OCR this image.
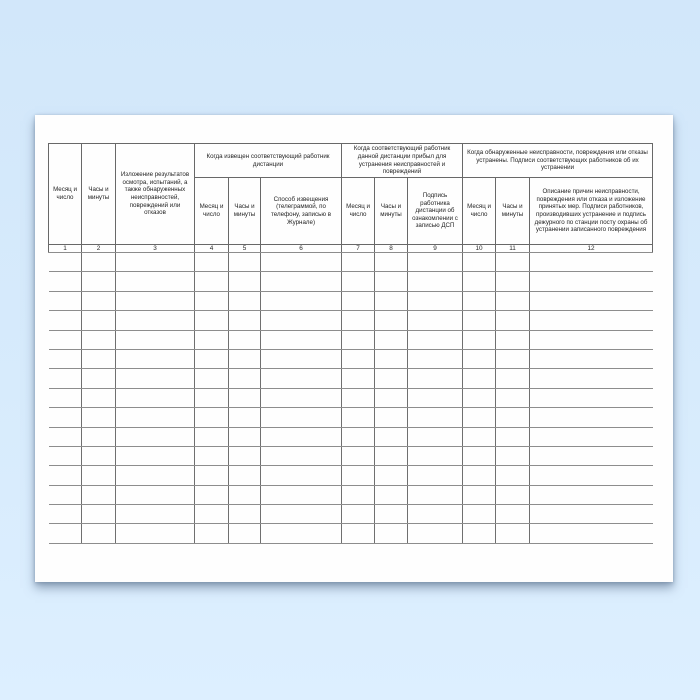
Месяц и число	Часы и минуты	Изложение результатов осмотра, испытаний, а также обнаруженных неисправностей, повреждений или отказов	Когда извещен соответствующий работник дистанции			Когда соответствующий работник данной дистанции прибыл для устранения неисправностей и повреждений			Когда обнаруженные неисправности, повреждения или отказы устранены. Подписи соответствующих работников об их устранении		
			Месяц и число	Часы и минуты	Способ извещения (телеграммой, по телефону, записью в Журнале)	Месяц и число	Часы и минуты	Подпись работника дистанции об ознакомлении с записью ДСП	Месяц и число	Часы и минуты	Описание причин неисправности, повреждения или отказа и изложение принятых мер. Подписи работников, производивших устранение и подпись дежурного по станции посту охраны об устранении записанного повреждения
1	2	3	4	5	6	7	8	9	10	11	12
